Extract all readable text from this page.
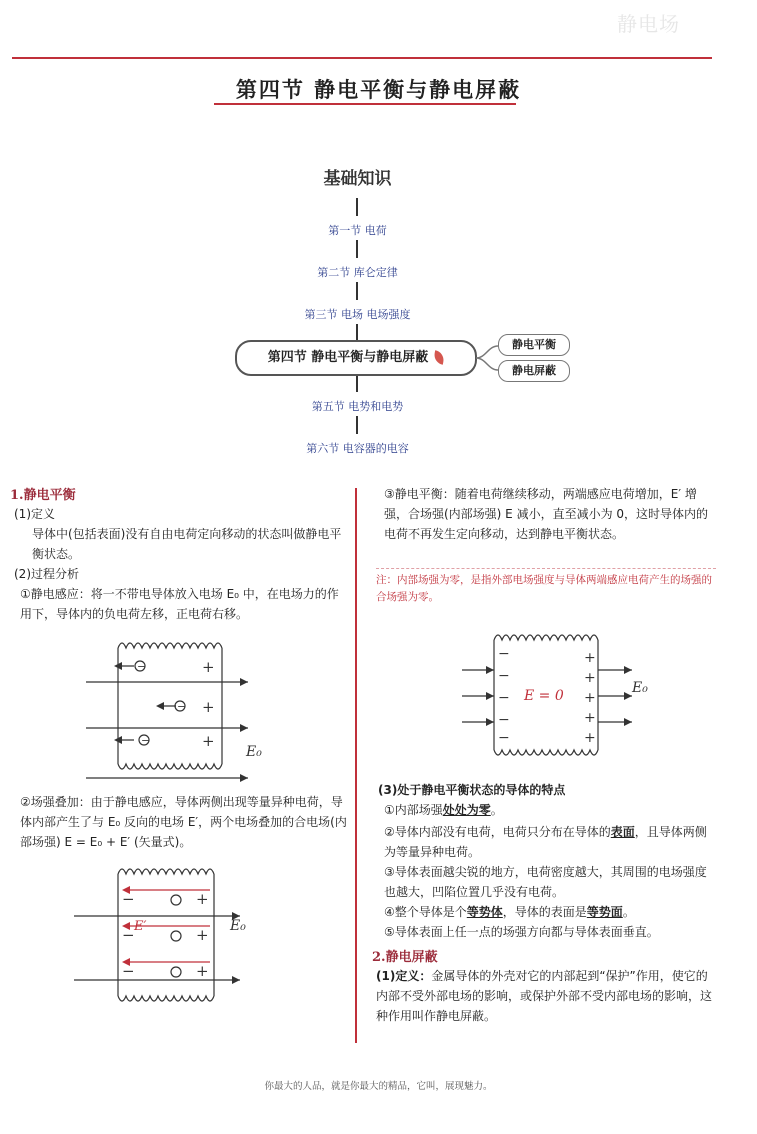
静电场
第四节 静电平衡与静电屏蔽
基础知识
第一节 电荷
第二节 库仑定律
第三节 电场 电场强度
第四节 静电平衡与静电屏蔽
静电平衡
静电屏蔽
第五节 电势和电势
第六节 电容器的电容
1.静电平衡
(1)定义
导体中(包括表面)没有自由电荷定向移动的状态叫做静电平衡状态。
(2)过程分析
①静电感应：将一不带电导体放入电场 E₀ 中，在电场力的作用下，导体内的负电荷左移，正电荷右移。
−
−
−
+
+
+
E₀
②场强叠加：由于静电感应，导体两侧出现等量异种电荷，导体内部产生了与 E₀ 反向的电场 E′，两个电场叠加的合电场(内部场强) E = E₀ + E′ (矢量式)。
−
−
−
+
+
+
E′	E₀
③静电平衡：随着电荷继续移动，两端感应电荷增加，E′ 增强，合场强(内部场强) E 减小，直至减小为 0，这时导体内的电荷不再发生定向移动，达到静电平衡状态。
注：内部场强为零，是指外部电场强度与导体两端感应电荷产生的场强的合场强为零。
−
−
−
−
−
+
+
+
+
+
E = 0	E₀
(3)处于静电平衡状态的导体的特点
①内部场强处处为零。
②导体内部没有电荷，电荷只分布在导体的表面，且导体两侧为等量异种电荷。
③导体表面越尖锐的地方，电荷密度越大，其周围的电场强度也越大，凹陷位置几乎没有电荷。
④整个导体是个等势体，导体的表面是等势面。
⑤导体表面上任一点的场强方向都与导体表面垂直。
2.静电屏蔽
(1)定义：金属导体的外壳对它的内部起到“保护”作用，使它的内部不受外部电场的影响，或保护外部不受内部电场的影响，这种作用叫作静电屏蔽。
你最大的人品，就是你最大的精品，它叫，展现魅力。
